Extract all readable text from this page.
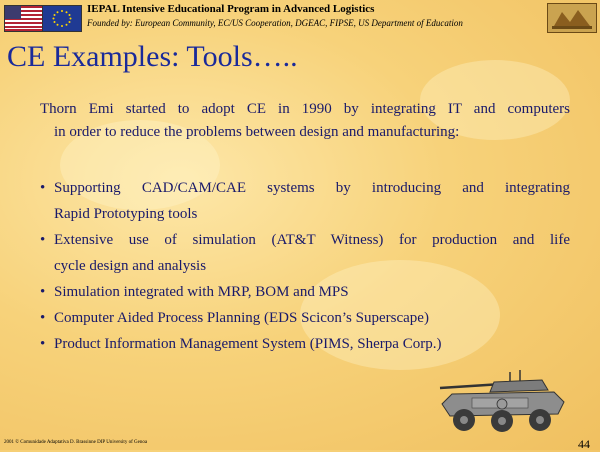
IEPAL Intensive Educational Program in Advanced Logistics
Founded by: European Community, EC/US Cooperation, DGEAC, FIPSE, US Department of Education
CE Examples: Tools…..
Thorn Emi started to adopt CE in 1990 by integrating IT and computers
in order to reduce the problems between design and manufacturing:
• Supporting CAD/CAM/CAE systems by introducing and integrating
Rapid Prototyping tools
• Extensive use of simulation (AT&T Witness) for production and life
cycle design and analysis
• Simulation integrated with MRP, BOM and MPS
• Computer Aided Process Planning (EDS Scicon’s Superscape)
• Product Information Management System (PIMS, Sherpa Corp.)
2001 © Comunidade Adaptativa D. Brassinne DIP University of Genoa	44
